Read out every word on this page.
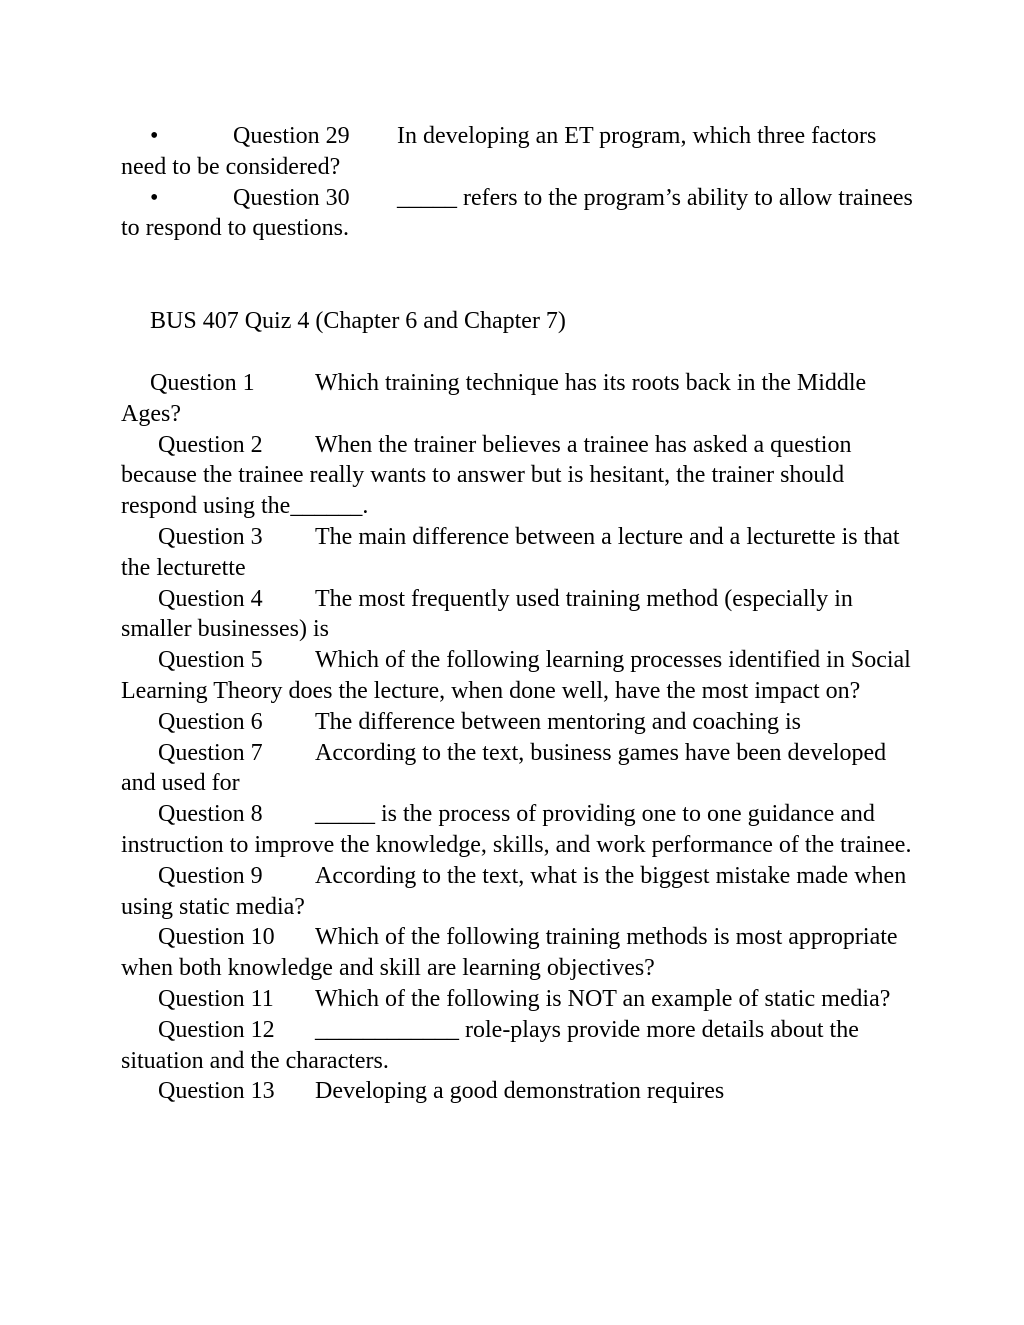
•	Question 29 In developing an ET program, which three factors need to be considered?

•	Question 30 _____ refers to the program’s ability to allow trainees to respond to questions.

BUS 407 Quiz 4 (Chapter 6 and Chapter 7)

Question 1	Which training technique has its roots back in the Middle Ages?

Question 2 When the trainer believes a trainee has asked a question because the trainee really wants to answer but is hesitant, the trainer should respond using the______.

Question 3 The main difference between a lecture and a lecturette is that the lecturette

Question 4 The most frequently used training method (especially in smaller businesses) is

Question 5 Which of the following learning processes identified in Social Learning Theory does the lecture, when done well, have the most impact on?

Question 6 The difference between mentoring and coaching is

Question 7 According to the text, business games have been developed and used for

Question 8 _____ is the process of providing one to one guidance and instruction to improve the knowledge, skills, and work performance of the trainee.

Question 9 According to the text, what is the biggest mistake made when using static media?

Question 10 Which of the following training methods is most appropriate when both knowledge and skill are learning objectives?

Question 11 Which of the following is NOT an example of static media?

Question 12 ____________ role-plays provide more details about the situation and the characters.

Question 13 Developing a good demonstration requires
